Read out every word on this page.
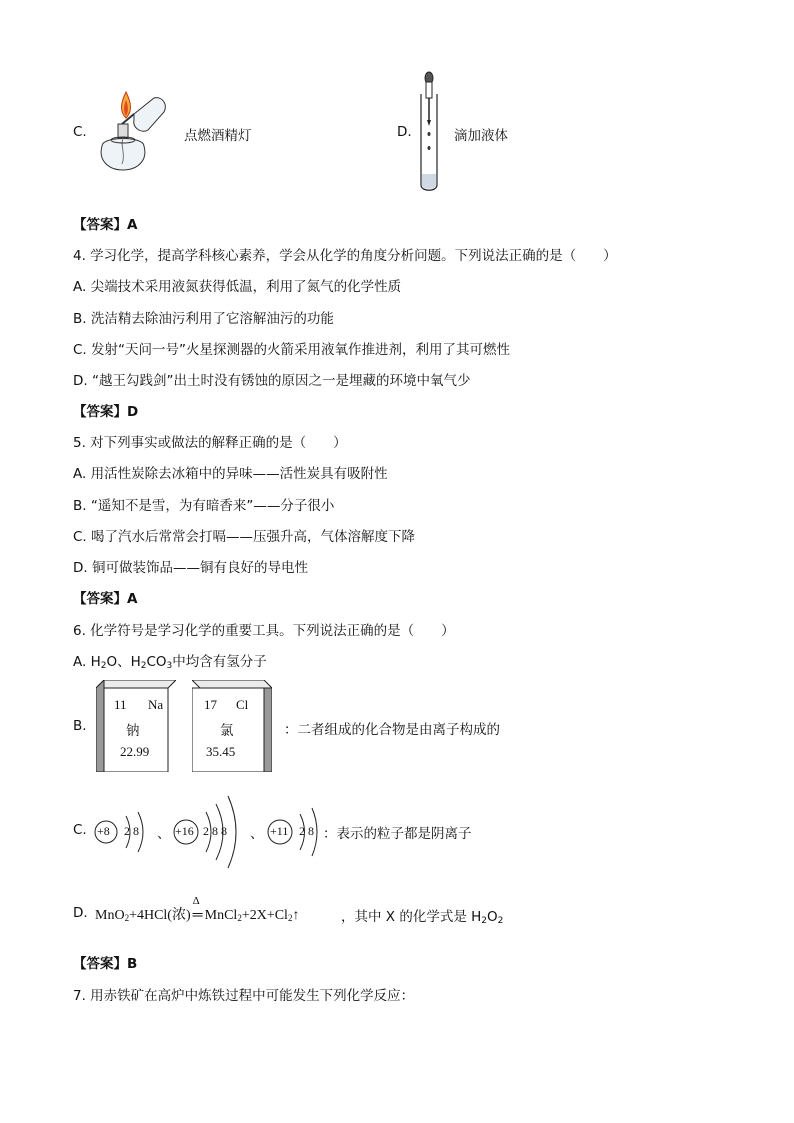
C.	点燃酒精灯	D.	滴加液体
【答案】A
4. 学习化学，提高学科核心素养，学会从化学的角度分析问题。下列说法正确的是（　　）
A. 尖端技术采用液氮获得低温，利用了氮气的化学性质
B. 洗洁精去除油污利用了它溶解油污的功能
C. 发射“天问一号”火星探测器的火箭采用液氧作推进剂，利用了其可燃性
D. “越王勾践剑”出土时没有锈蚀的原因之一是埋藏的环境中氧气少
【答案】D
5. 对下列事实或做法的解释正确的是（　　）
A. 用活性炭除去冰箱中的异味——活性炭具有吸附性
B. “遥知不是雪，为有暗香来”——分子很小
C. 喝了汽水后常常会打嗝——压强升高，气体溶解度下降
D. 铜可做装饰品——铜有良好的导电性
【答案】A
6. 化学符号是学习化学的重要工具。下列说法正确的是（　　）
A. $H_2O$、$H_2CO_3$中均含有氢分子
B.
11 Na
钠
22.99
17 Cl
氯
35.45
：二者组成的化合物是由离子构成的
C. +8 2 8	+16 2 8 8
、	、 +11 2 8 ：表示的粒子都是阴离子
D. MnO$_2$+4HCl(浓)
Δ
═ $MnCl_2+2X+Cl_2↑$	，其中 X 的化学式是 $H_2O_2$
【答案】B
7. 用赤铁矿在高炉中炼铁过程中可能发生下列化学反应：
